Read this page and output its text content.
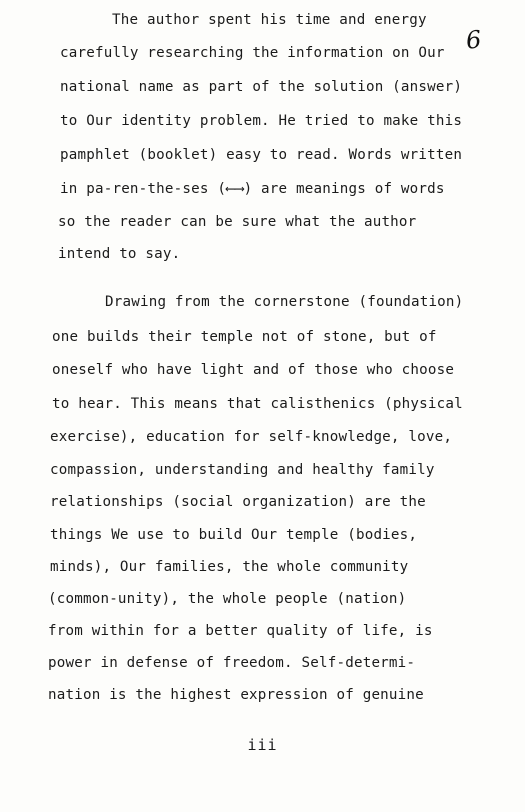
6
The author spent his time and energy
carefully researching the information on Our
national name as part of the solution (answer)
to Our identity problem. He tried to make this
pamphlet (booklet) easy to read. Words written
in pa-ren-the-ses (⟵⟶) are meanings of words
so the reader can be sure what the author
intend to say.
Drawing from the cornerstone (foundation)
one builds their temple not of stone, but of
oneself who have light and of those who choose
to hear. This means that calisthenics (physical
exercise), education for self-knowledge, love,
compassion, understanding and healthy family
relationships (social organization) are the
things We use to build Our temple (bodies,
minds), Our families, the whole community
(common-unity), the whole people (nation)
from within for a better quality of life, is
power in defense of freedom. Self-determi-
nation is the highest expression of genuine
iii
